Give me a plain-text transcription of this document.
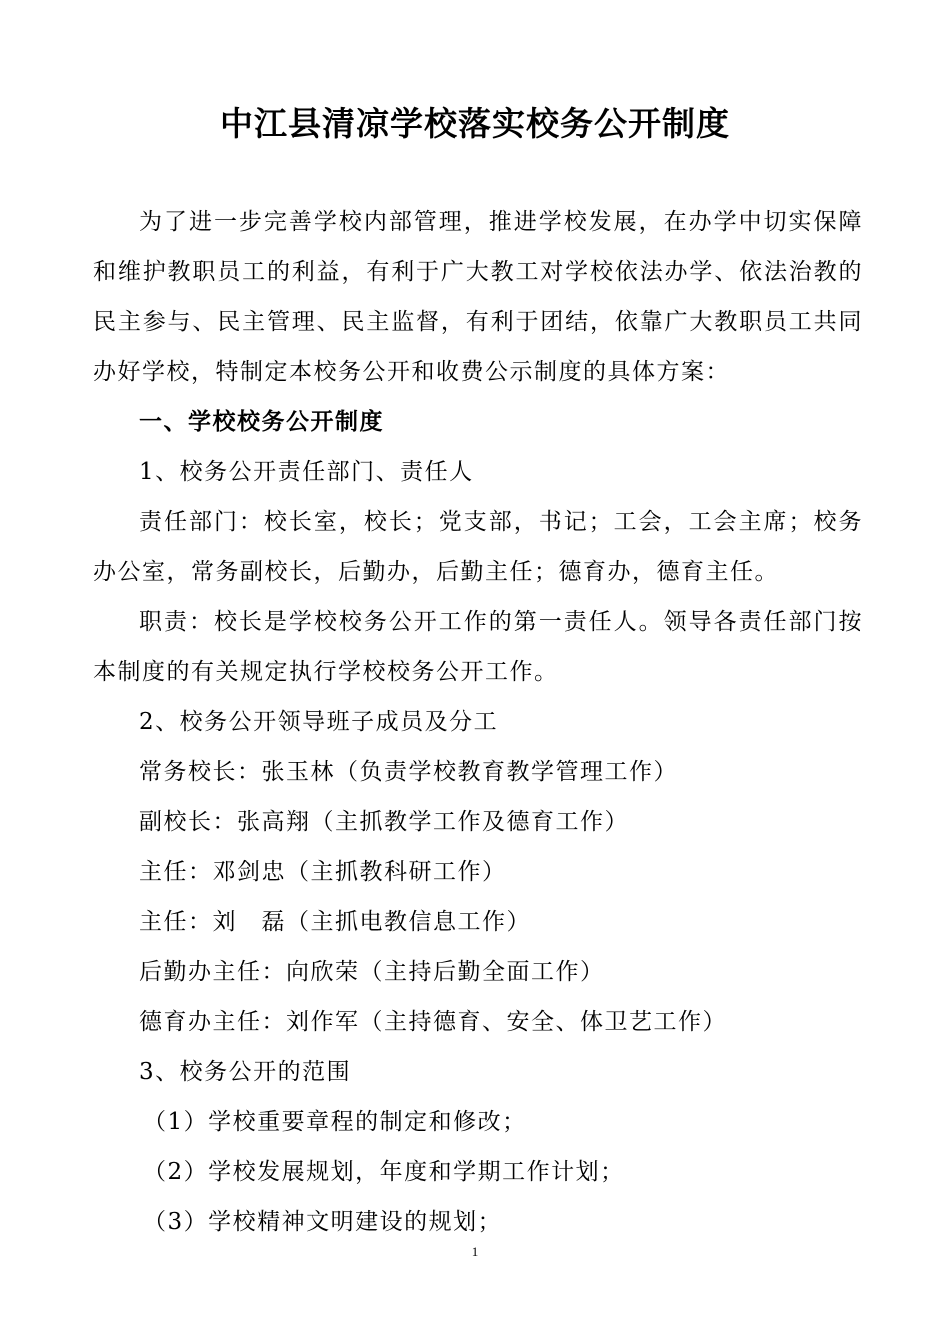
中江县清凉学校落实校务公开制度

为了进一步完善学校内部管理，推进学校发展，在办学中切实保障和维护教职员工的利益，有利于广大教工对学校依法办学、依法治教的民主参与、民主管理、民主监督，有利于团结，依靠广大教职员工共同办好学校，特制定本校务公开和收费公示制度的具体方案：

一、学校校务公开制度

1、校务公开责任部门、责任人

责任部门：校长室，校长；党支部，书记；工会，工会主席；校务办公室，常务副校长，后勤办，后勤主任；德育办，德育主任。

职责：校长是学校校务公开工作的第一责任人。领导各责任部门按本制度的有关规定执行学校校务公开工作。

2、校务公开领导班子成员及分工

常务校长：张玉林（负责学校教育教学管理工作）

副校长：张高翔（主抓教学工作及德育工作）

主任：邓剑忠（主抓教科研工作）

主任：刘　磊（主抓电教信息工作）

后勤办主任：向欣荣（主持后勤全面工作）

德育办主任：刘作军（主持德育、安全、体卫艺工作）

3、校务公开的范围

（1）学校重要章程的制定和修改；

（2）学校发展规划，年度和学期工作计划；

（3）学校精神文明建设的规划；

1
